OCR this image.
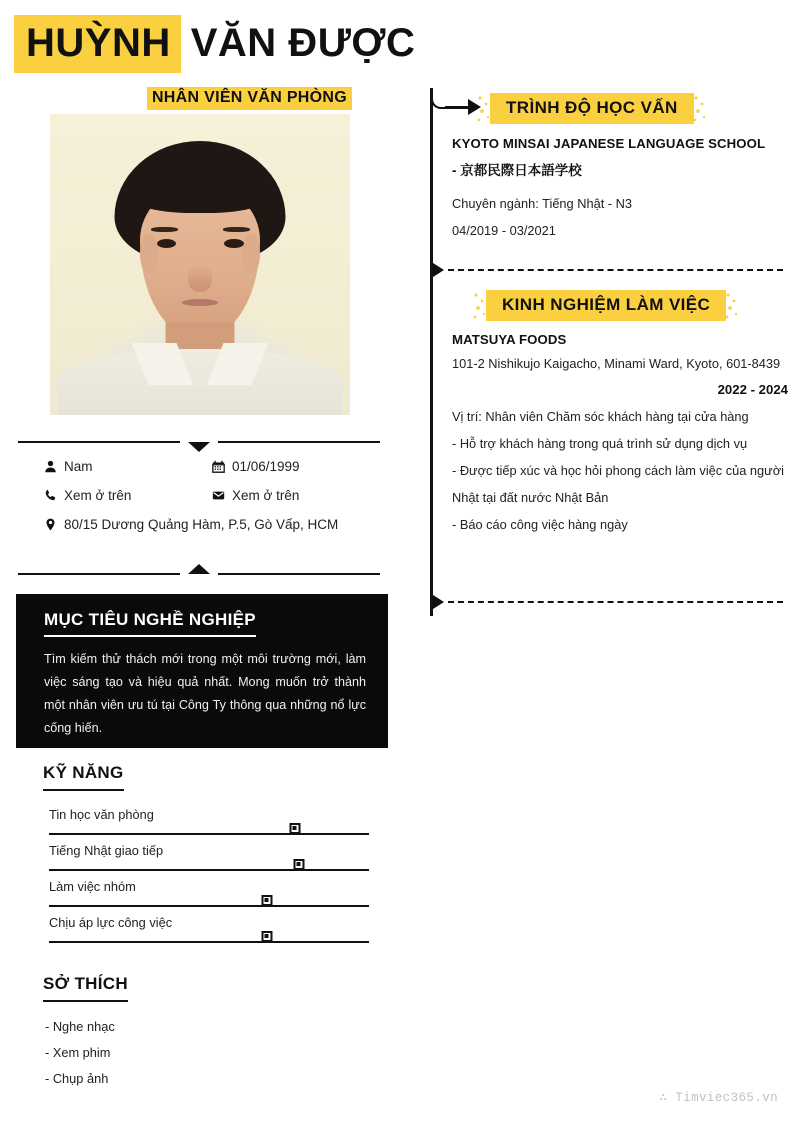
HUỲNH VĂN ĐƯỢC
NHÂN VIÊN VĂN PHÒNG
Nam	01/06/1999
Xem ở trên	Xem ở trên
80/15 Dương Quảng Hàm, P.5, Gò Vấp, HCM
MỤC TIÊU NGHỀ NGHIỆP
Tìm kiếm thử thách mới trong một môi trường mới, làm việc sáng tạo và hiệu quả nhất. Mong muốn trở thành một nhân viên ưu tú tại Công Ty thông qua những nổ lực cống hiến.
KỸ NĂNG
Tin học văn phòng
Tiếng Nhật giao tiếp
Làm việc nhóm
Chịu áp lực công việc
SỞ THÍCH
- Nghe nhạc
- Xem phim
- Chụp ảnh
TRÌNH ĐỘ HỌC VẤN
KYOTO MINSAI JAPANESE LANGUAGE SCHOOL
- 京都民際日本語学校
Chuyên ngành: Tiếng Nhật - N3
04/2019 - 03/2021
KINH NGHIỆM LÀM VIỆC
MATSUYA FOODS
101-2 Nishikujo Kaigacho, Minami Ward, Kyoto, 601-8439
2022 - 2024
Vị trí: Nhân viên Chăm sóc khách hàng tại cửa hàng
- Hỗ trợ khách hàng trong quá trình sử dụng dịch vụ
- Được tiếp xúc và học hỏi phong cách làm việc của người Nhật tại đất nước Nhật Bản
- Báo cáo công việc hàng ngày
∴ Timviec365.vn
